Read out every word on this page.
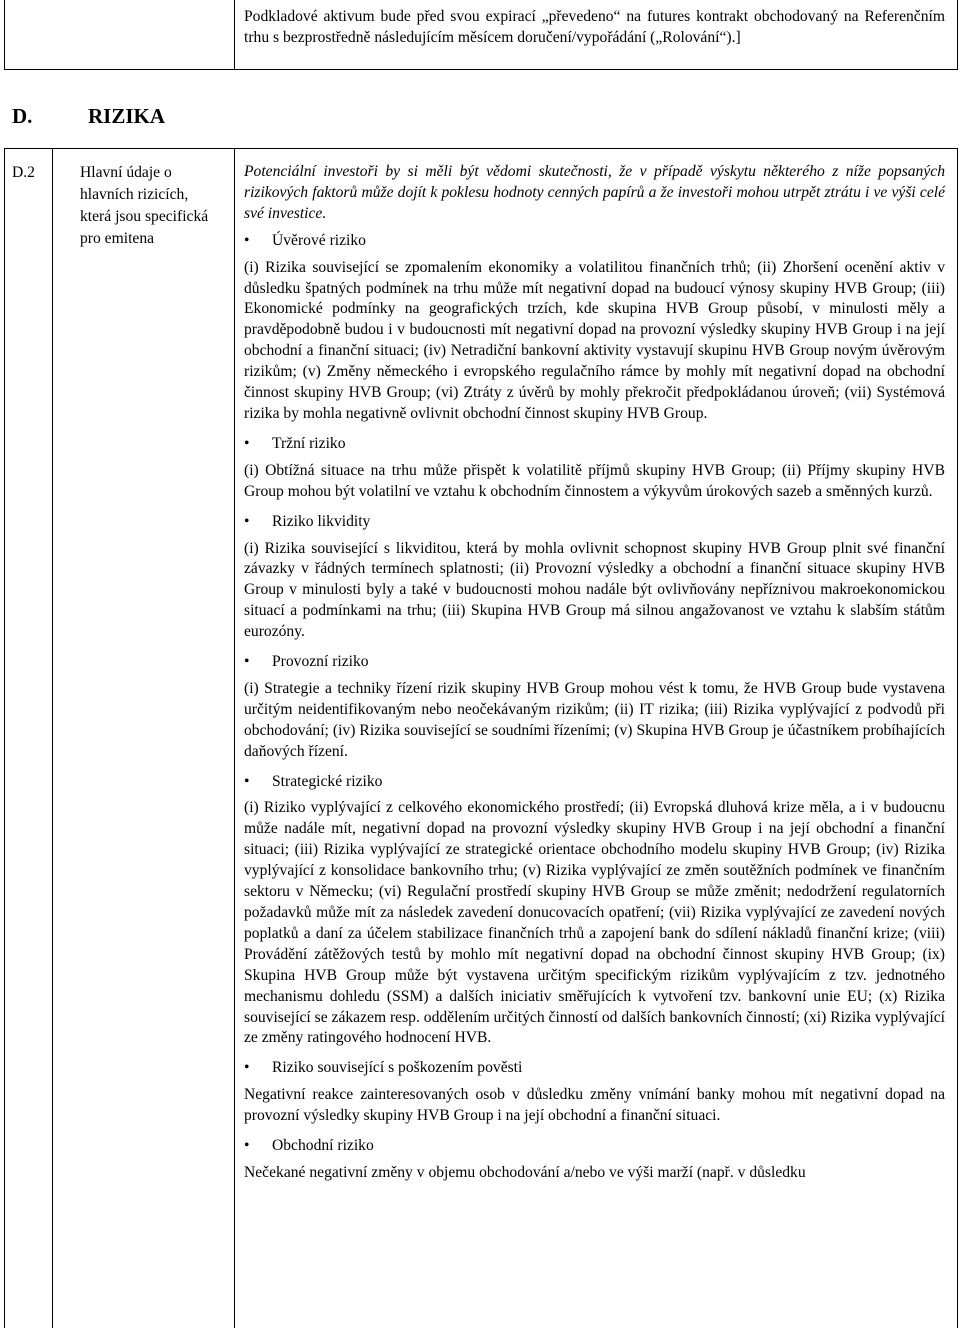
Podkladové aktivum bude před svou expirací „převedeno“ na futures kontrakt obchodovaný na Referenčním trhu s bezprostředně následujícím měsícem doručení/vypořádání („Rolování“).]
D.	RIZIKA
D.2	Hlavní údaje o hlavních rizicích, která jsou specifická pro emitena

Potenciální investoři by si měli být vědomi skutečnosti, že v případě výskytu některého z níže popsaných rizikových faktorů může dojít k poklesu hodnoty cenných papírů a že investoři mohou utrpět ztrátu i ve výši celé své investice.

• Úvěrové riziko

(i) Rizika související se zpomalením ekonomiky a volatilitou finančních trhů; (ii) Zhoršení ocenění aktiv v důsledku špatných podmínek na trhu může mít negativní dopad na budoucí výnosy skupiny HVB Group; (iii) Ekonomické podmínky na geografických trzích, kde skupina HVB Group působí, v minulosti měly a pravděpodobně budou i v budoucnosti mít negativní dopad na provozní výsledky skupiny HVB Group i na její obchodní a finanční situaci; (iv) Netradiční bankovní aktivity vystavují skupinu HVB Group novým úvěrovým rizikům; (v) Změny německého i evropského regulačního rámce by mohly mít negativní dopad na obchodní činnost skupiny HVB Group; (vi) Ztráty z úvěrů by mohly překročit předpokládanou úroveň; (vii) Systémová rizika by mohla negativně ovlivnit obchodní činnost skupiny HVB Group.

• Tržní riziko

(i) Obtížná situace na trhu může přispět k volatilitě příjmů skupiny HVB Group; (ii) Příjmy skupiny HVB Group mohou být volatilní ve vztahu k obchodním činnostem a výkyvům úrokových sazeb a směnných kurzů.

• Riziko likvidity

(i) Rizika související s likviditou, která by mohla ovlivnit schopnost skupiny HVB Group plnit své finanční závazky v řádných termínech splatnosti; (ii) Provozní výsledky a obchodní a finanční situace skupiny HVB Group v minulosti byly a také v budoucnosti mohou nadále být ovlivňovány nepříznivou makroekonomickou situací a podmínkami na trhu; (iii) Skupina HVB Group má silnou angažovanost ve vztahu k slabším státům eurozóny.

• Provozní riziko

(i) Strategie a techniky řízení rizik skupiny HVB Group mohou vést k tomu, že HVB Group bude vystavena určitým neidentifikovaným nebo neočekávaným rizikům; (ii) IT rizika; (iii) Rizika vyplývající z podvodů při obchodování; (iv) Rizika související se soudními řízeními; (v) Skupina HVB Group je účastníkem probíhajících daňových řízení.

• Strategické riziko

(i) Riziko vyplývající z celkového ekonomického prostředí; (ii) Evropská dluhová krize měla, a i v budoucnu může nadále mít, negativní dopad na provozní výsledky skupiny HVB Group i na její obchodní a finanční situaci; (iii) Rizika vyplývající ze strategické orientace obchodního modelu skupiny HVB Group; (iv) Rizika vyplývající z konsolidace bankovního trhu; (v) Rizika vyplývající ze změn soutěžních podmínek ve finančním sektoru v Německu; (vi) Regulační prostředí skupiny HVB Group se může změnit; nedodržení regulatorních požadavků může mít za následek zavedení donucovacích opatření; (vii) Rizika vyplývající ze zavedení nových poplatků a daní za účelem stabilizace finančních trhů a zapojení bank do sdílení nákladů finanční krize; (viii) Provádění zátěžových testů by mohlo mít negativní dopad na obchodní činnost skupiny HVB Group; (ix) Skupina HVB Group může být vystavena určitým specifickým rizikům vyplývajícím z tzv. jednotného mechanismu dohledu (SSM) a dalších iniciativ směřujících k vytvoření tzv. bankovní unie EU; (x) Rizika související se zákazem resp. oddělením určitých činností od dalších bankovních činností; (xi) Rizika vyplývající ze změny ratingového hodnocení HVB.

• Riziko související s poškozením pověsti

Negativní reakce zainteresovaných osob v důsledku změny vnímání banky mohou mít negativní dopad na provozní výsledky skupiny HVB Group i na její obchodní a finanční situaci.

• Obchodní riziko

Nečekané negativní změny v objemu obchodování a/nebo ve výši marží (např. v důsledku
